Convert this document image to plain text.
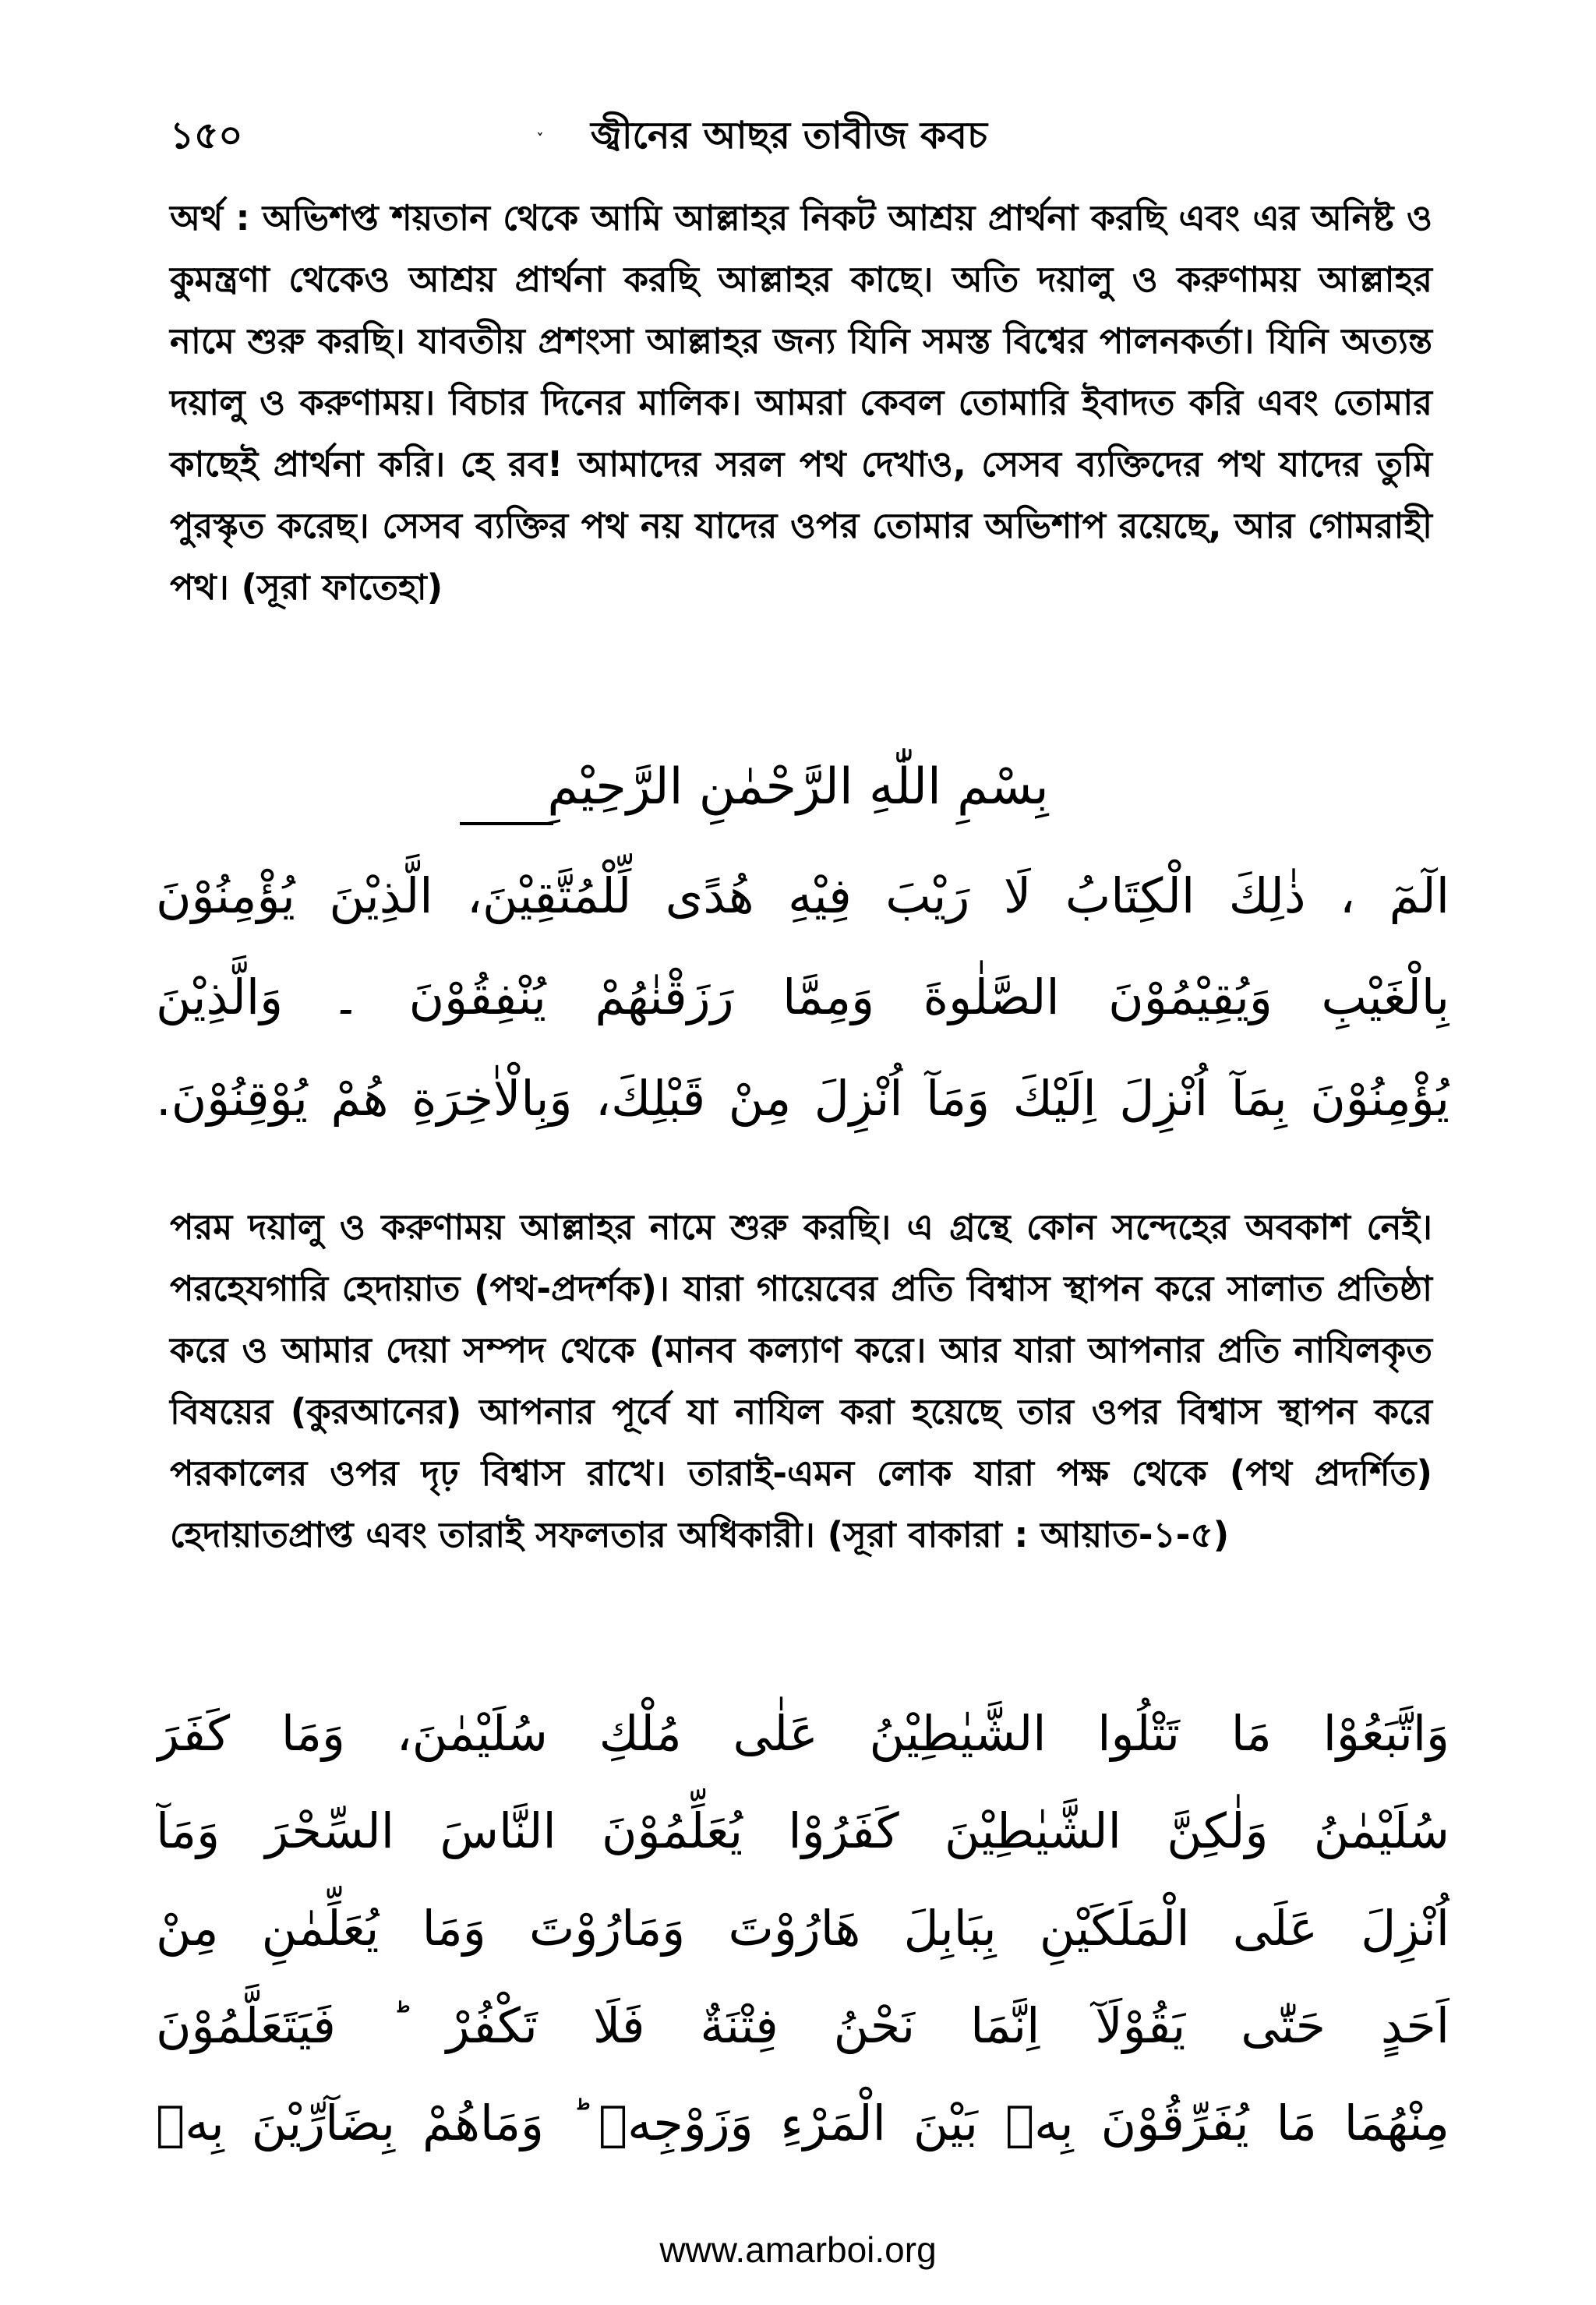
১৫০	˯ জ্বীনের আছর তাবীজ কবচ

অর্থ : অভিশপ্ত শয়তান থেকে আমি আল্লাহর নিকট আশ্রয় প্রার্থনা করছি এবং এর অনিষ্ট ও কুমন্ত্রণা থেকেও আশ্রয় প্রার্থনা করছি আল্লাহর কাছে। অতি দয়ালু ও করুণাময় আল্লাহর নামে শুরু করছি। যাবতীয় প্রশংসা আল্লাহর জন্য যিনি সমস্ত বিশ্বের পালনকর্তা। যিনি অত্যন্ত দয়ালু ও করুণাময়। বিচার দিনের মালিক। আমরা কেবল তোমারি ইবাদত করি এবং তোমার কাছেই প্রার্থনা করি। হে রব! আমাদের সরল পথ দেখাও, সেসব ব্যক্তিদের পথ যাদের তুমি পুরস্কৃত করেছ। সেসব ব্যক্তির পথ নয় যাদের ওপর তোমার অভিশাপ রয়েছে, আর গোমরাহী পথ। (সূরা ফাতেহা)

بِسْمِ اللّٰهِ الرَّحْمٰنِ الرَّحِيْمِ
الٓمٓ ، ذٰلِكَ الْكِتَابُ لَا رَيْبَ فِيْهِ هُدًى لِّلْمُتَّقِيْنَ، الَّذِيْنَ يُؤْمِنُوْنَ
بِالْغَيْبِ وَيُقِيْمُوْنَ الصَّلٰوةَ وَمِمَّا رَزَقْنٰهُمْ يُنْفِقُوْنَ ۔ وَالَّذِيْنَ
يُؤْمِنُوْنَ بِمَآ اُنْزِلَ اِلَيْكَ وَمَآ اُنْزِلَ مِنْ قَبْلِكَ، وَبِالْاٰخِرَةِ هُمْ يُوْقِنُوْنَ.

পরম দয়ালু ও করুণাময় আল্লাহর নামে শুরু করছি। এ গ্রন্থে কোন সন্দেহের অবকাশ নেই। পরহেযগারি হেদায়াত (পথ-প্রদর্শক)। যারা গায়েবের প্রতি বিশ্বাস স্থাপন করে সালাত প্রতিষ্ঠা করে ও আমার দেয়া সম্পদ থেকে (মানব কল্যাণ করে। আর যারা আপনার প্রতি নাযিলকৃত বিষয়ের (কুরআনের) আপনার পূর্বে যা নাযিল করা হয়েছে তার ওপর বিশ্বাস স্থাপন করে পরকালের ওপর দৃঢ় বিশ্বাস রাখে। তারাই-এমন লোক যারা পক্ষ থেকে (পথ প্রদর্শিত) হেদায়াতপ্রাপ্ত এবং তারাই সফলতার অধিকারী। (সূরা বাকারা : আয়াত-১-৫)

وَاتَّبَعُوْا مَا تَتْلُوا الشَّيٰطِيْنُ عَلٰى مُلْكِ سُلَيْمٰنَ، وَمَا كَفَرَ
سُلَيْمٰنُ وَلٰكِنَّ الشَّيٰطِيْنَ كَفَرُوْا يُعَلِّمُوْنَ النَّاسَ السِّحْرَ وَمَآ
اُنْزِلَ عَلَى الْمَلَكَيْنِ بِبَابِلَ هَارُوْتَ وَمَارُوْتَ وَمَا يُعَلِّمٰنِ مِنْ
اَحَدٍ حَتّٰى يَقُوْلَآ اِنَّمَا نَحْنُ فِتْنَةٌ فَلَا تَكْفُرْ ؕ فَيَتَعَلَّمُوْنَ
مِنْهُمَا مَا يُفَرِّقُوْنَ بِهٖ بَيْنَ الْمَرْءِ وَزَوْجِهٖ ؕ وَمَاهُمْ بِضَآرِّيْنَ بِهٖ
www.amarboi.org
